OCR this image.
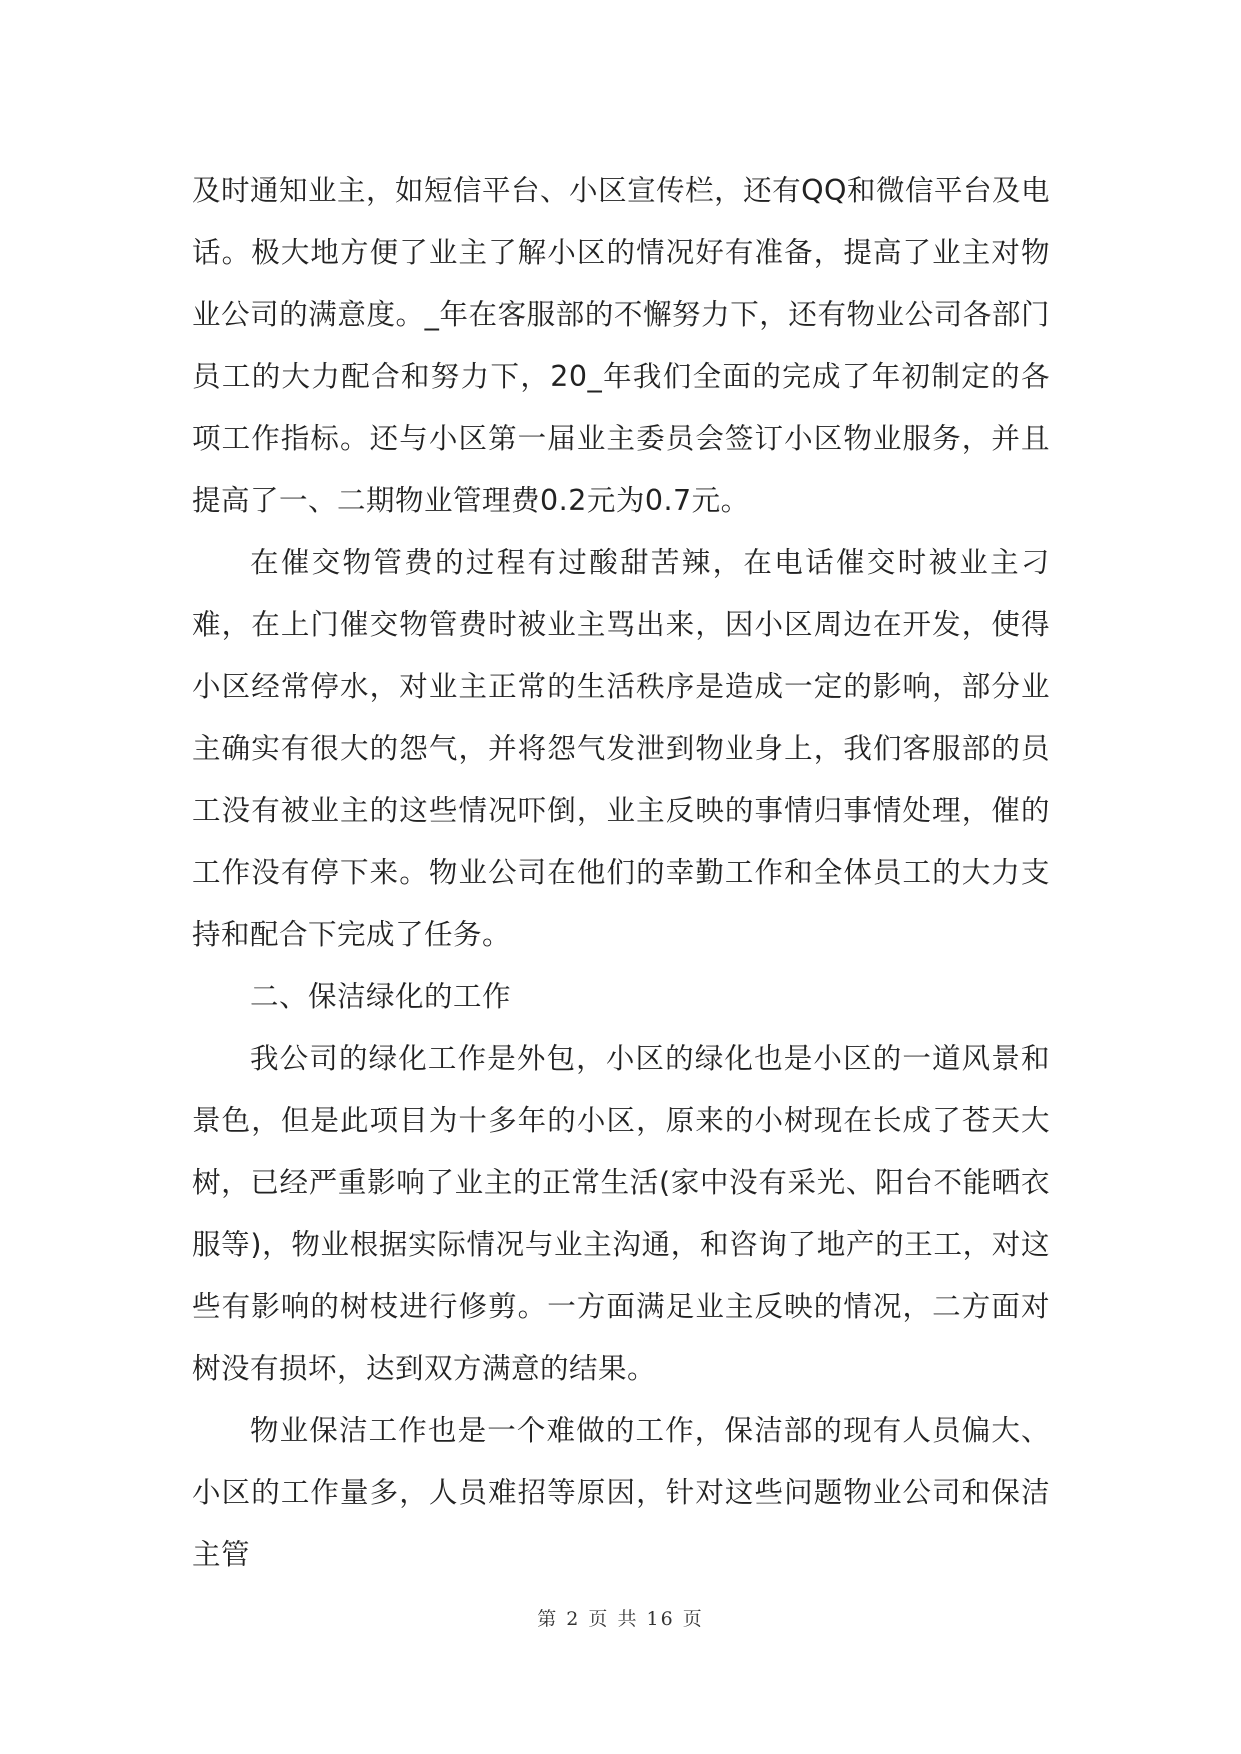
及时通知业主，如短信平台、小区宣传栏，还有QQ和微信平台及电话。极大地方便了业主了解小区的情况好有准备，提高了业主对物业公司的满意度。_年在客服部的不懈努力下，还有物业公司各部门员工的大力配合和努力下，20_年我们全面的完成了年初制定的各项工作指标。还与小区第一届业主委员会签订小区物业服务，并且提高了一、二期物业管理费0.2元为0.7元。

在催交物管费的过程有过酸甜苦辣，在电话催交时被业主刁难，在上门催交物管费时被业主骂出来，因小区周边在开发，使得小区经常停水，对业主正常的生活秩序是造成一定的影响，部分业主确实有很大的怨气，并将怨气发泄到物业身上，我们客服部的员工没有被业主的这些情况吓倒，业主反映的事情归事情处理，催的工作没有停下来。物业公司在他们的幸勤工作和全体员工的大力支持和配合下完成了任务。

二、保洁绿化的工作

我公司的绿化工作是外包，小区的绿化也是小区的一道风景和景色，但是此项目为十多年的小区，原来的小树现在长成了苍天大树，已经严重影响了业主的正常生活(家中没有采光、阳台不能晒衣服等)，物业根据实际情况与业主沟通，和咨询了地产的王工，对这些有影响的树枝进行修剪。一方面满足业主反映的情况，二方面对树没有损坏，达到双方满意的结果。

物业保洁工作也是一个难做的工作，保洁部的现有人员偏大、小区的工作量多，人员难招等原因，针对这些问题物业公司和保洁主管

第 2 页 共 16 页
